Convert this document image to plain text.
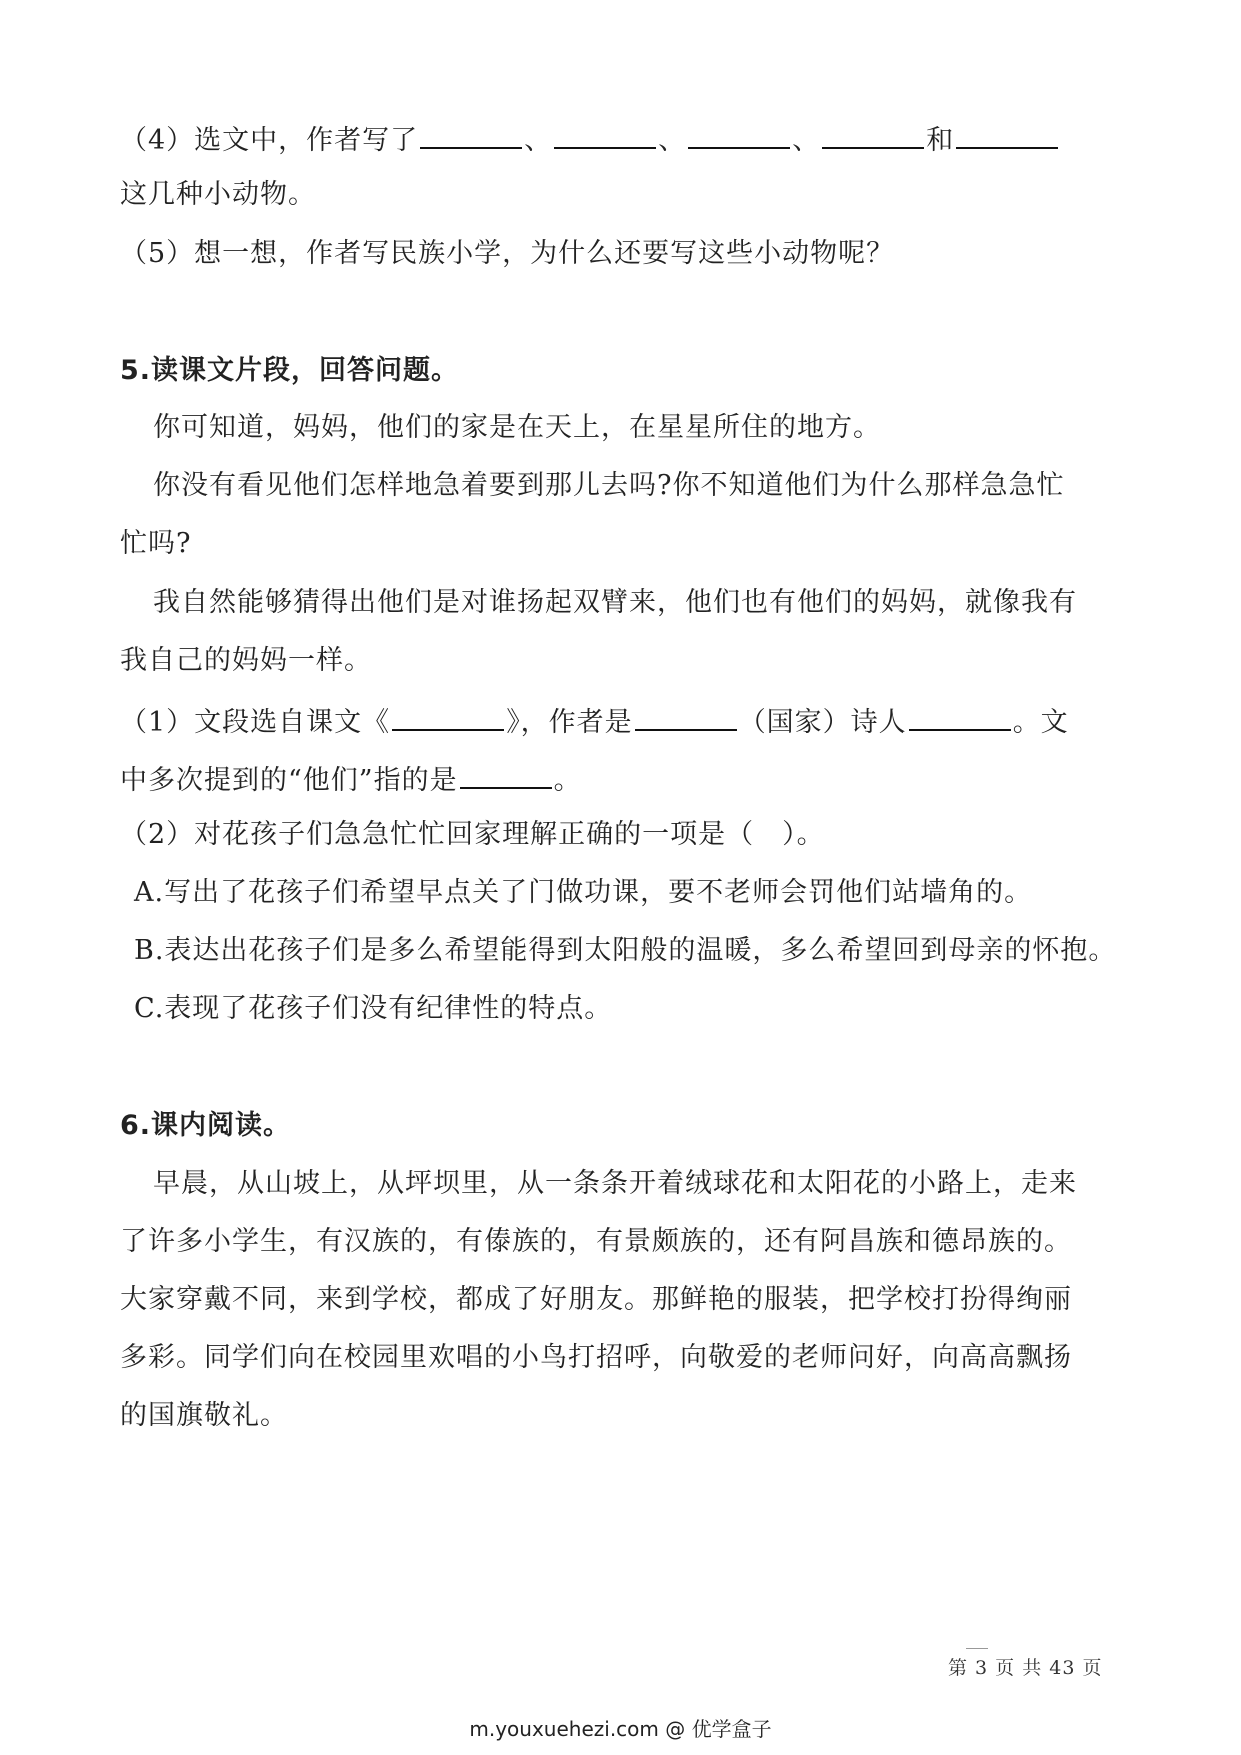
（4）选文中，作者写了	、	、	、	和
这几种小动物。
（5）想一想，作者写民族小学，为什么还要写这些小动物呢？
5.读课文片段，回答问题。
你可知道，妈妈，他们的家是在天上，在星星所住的地方。
你没有看见他们怎样地急着要到那儿去吗?你不知道他们为什么那样急急忙
忙吗?
我自然能够猜得出他们是对谁扬起双臂来，他们也有他们的妈妈，就像我有
我自己的妈妈一样。
（1）文段选自课文《	》，作者是	（国家）诗人	。文
中多次提到的“他们”指的是	。
（2）对花孩子们急急忙忙回家理解正确的一项是（　）。
A.写出了花孩子们希望早点关了门做功课，要不老师会罚他们站墙角的。
B.表达出花孩子们是多么希望能得到太阳般的温暖，多么希望回到母亲的怀抱。
C.表现了花孩子们没有纪律性的特点。
6.课内阅读。
早晨，从山坡上，从坪坝里，从一条条开着绒球花和太阳花的小路上，走来
了许多小学生，有汉族的，有傣族的，有景颇族的，还有阿昌族和德昂族的。
大家穿戴不同，来到学校，都成了好朋友。那鲜艳的服装，把学校打扮得绚丽
多彩。同学们向在校园里欢唱的小鸟打招呼，向敬爱的老师问好，向高高飘扬
的国旗敬礼。
第 3 页 共 43 页
m.youxuehezi.com @ 优学盒子
